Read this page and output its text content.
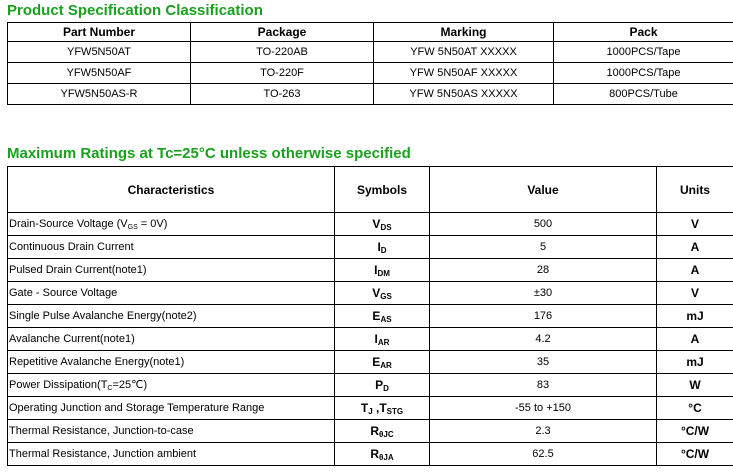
Product Specification Classification
Part Number	Package	Marking	Pack
YFW5N50AT	TO-220AB	YFW 5N50AT XXXXX	1000PCS/Tape
YFW5N50AF	TO-220F	YFW 5N50AF XXXXX	1000PCS/Tape
YFW5N50AS-R	TO-263	YFW 5N50AS XXXXX	800PCS/Tube
Maximum Ratings at Tc=25°C unless otherwise specified
Characteristics	Symbols	Value	Units
Drain-Source Voltage $(V_{GS} = 0V)$	$V_{DS}$	500	V
Continuous Drain Current	$I_D$	5	A
Pulsed Drain Current(note1)	$I_{DM}$	28	A
Gate - Source Voltage	$V_{GS}$	±30	V
Single Pulse Avalanche Energy(note2)	$E_{AS}$	176	mJ
Avalanche Current(note1)	$I_{AR}$	4.2	A
Repetitive Avalanche Energy(note1)	$E_{AR}$	35	mJ
Power $Dissipation(T_C=25℃)$	$P_D$	83	W
Operating Junction and Storage Temperature Range	$T_J$ $,T_{STG}$	-55 to +150	°C
Thermal Resistance, Junction-to-case	$R_{\theta JC}$	2.3	°C/W
Thermal Resistance, Junction ambient	$R_{\theta JA}$	62.5	°C/W
